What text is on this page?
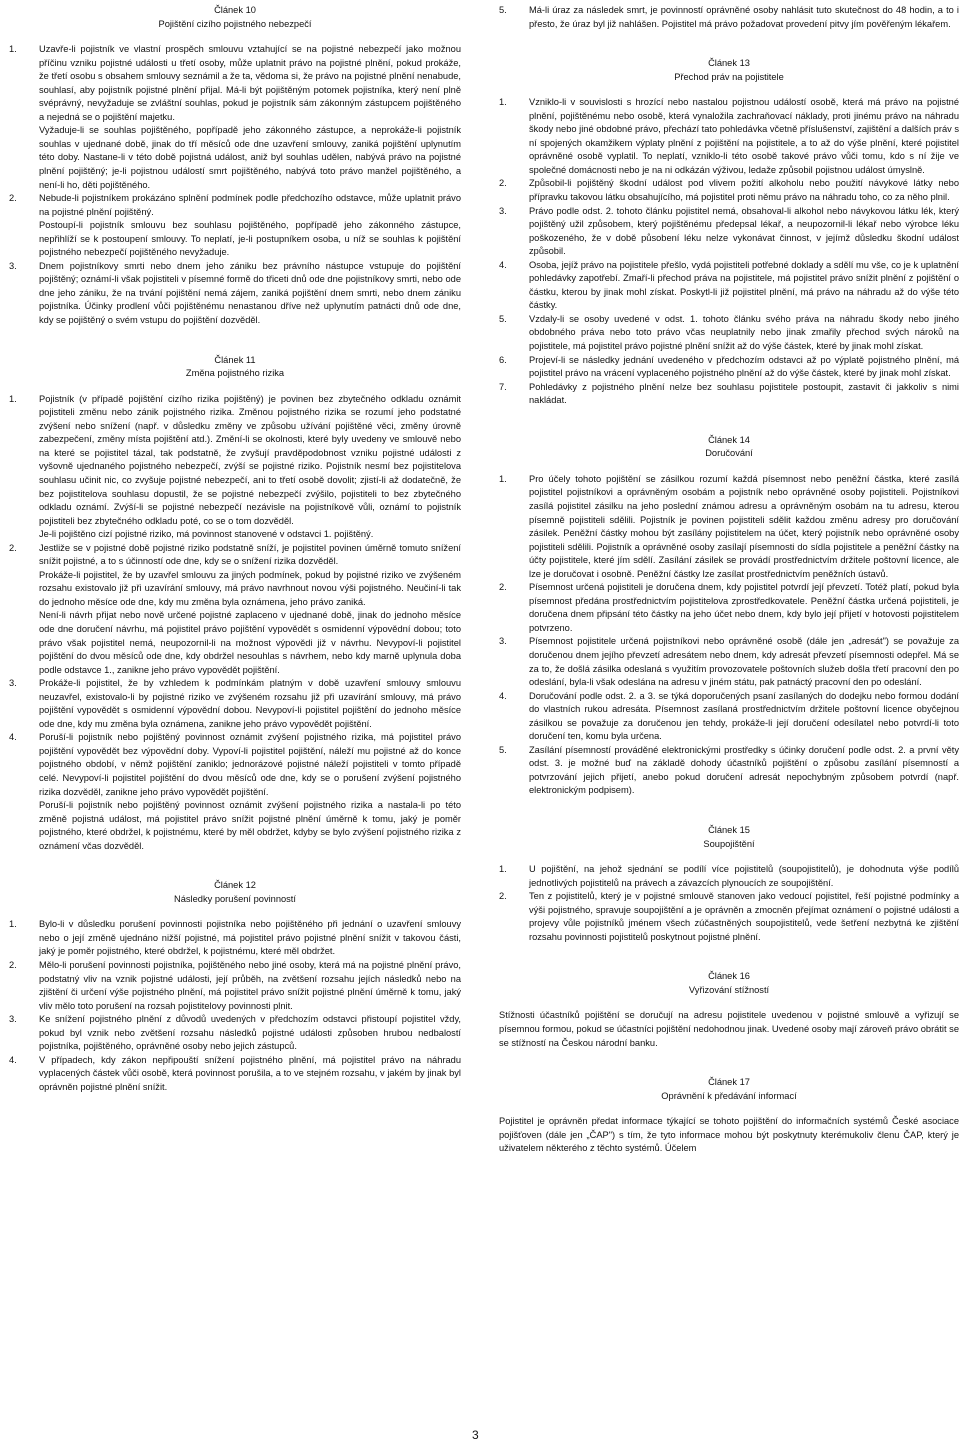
Článek 10
Pojištění cizího pojistného nebezpečí
1. Uzavře-li pojistník ve vlastní prospěch smlouvu vztahující se na pojistné nebezpečí jako možnou příčinu vzniku pojistné události u třetí osoby, může uplatnit právo na pojistné plnění, pokud prokáže, že třetí osobu s obsahem smlouvy seznámil a že ta, vědoma si, že právo na pojistné plnění nenabude, souhlasí, aby pojistník pojistné plnění přijal. Má-li být pojištěným potomek pojistníka, který není plně svéprávný, nevyžaduje se zvláštní souhlas, pokud je pojistník sám zákonným zástupcem pojištěného a nejedná se o pojištění majetku.

Vyžaduje-li se souhlas pojištěného, popřípadě jeho zákonného zástupce, a neprokáže-li pojistník souhlas v ujednané době, jinak do tří měsíců ode dne uzavření smlouvy, zaniká pojištění uplynutím této doby. Nastane-li v této době pojistná událost, aniž byl souhlas udělen, nabývá právo na pojistné plnění pojištěný; je-li pojistnou událostí smrt pojištěného, nabývá toto právo manžel pojištěného, a není-li ho, děti pojištěného.

2. Nebude-li pojistníkem prokázáno splnění podmínek podle předchozího odstavce, může uplatnit právo na pojistné plnění pojištěný.

Postoupí-li pojistník smlouvu bez souhlasu pojištěného, popřípadě jeho zákonného zástupce, nepřihlíží se k postoupení smlouvy. To neplatí, je-li postupníkem osoba, u níž se souhlas k pojištění pojistného nebezpečí pojištěného nevyžaduje.

3. Dnem pojistníkovy smrti nebo dnem jeho zániku bez právního nástupce vstupuje do pojištění pojištěný; oznámí-li však pojistiteli v písemné formě do třiceti dnů ode dne pojistníkovy smrti, nebo ode dne jeho zániku, že na trvání pojištění nemá zájem, zaniká pojištění dnem smrti, nebo dnem zániku pojistníka. Účinky prodlení vůči pojištěnému nenastanou dříve než uplynutím patnácti dnů ode dne, kdy se pojištěný o svém vstupu do pojištění dozvěděl.

Článek 11
Změna pojistného rizika
1. Pojistník (v případě pojištění cizího rizika pojištěný) je povinen bez zbytečného odkladu oznámit pojistiteli změnu nebo zánik pojistného rizika. Změnou pojistného rizika se rozumí jeho podstatné zvýšení nebo snížení (např. v důsledku změny ve způsobu užívání pojištěné věci, změny úrovně zabezpečení, změny místa pojištění atd.). Změní-li se okolnosti, které byly uvedeny ve smlouvě nebo na které se pojistitel tázal, tak podstatně, že zvyšují pravděpodobnost vzniku pojistné události z vyšovně ujednaného pojistného nebezpečí, zvýší se pojistné riziko. Pojistník nesmí bez pojistitelova souhlasu učinit nic, co zvyšuje pojistné nebezpečí, ani to třetí osobě dovolit; zjistí-li až dodatečně, že bez pojistitelova souhlasu dopustil, že se pojistné nebezpečí zvýšilo, pojistiteli to bez zbytečného odkladu oznámí. Zvýší-li se pojistné nebezpečí nezávisle na pojistníkově vůli, oznámí to pojistník pojistiteli bez zbytečného odkladu poté, co se o tom dozvěděl.

Je-li pojištěno cizí pojistné riziko, má povinnost stanovené v odstavci 1. pojištěný.

2. Jestliže se v pojistné době pojistné riziko podstatně sníží, je pojistitel povinen úměrně tomuto snížení snížit pojistné, a to s účinností ode dne, kdy se o snížení rizika dozvěděl.

Prokáže-li pojistitel, že by uzavřel smlouvu za jiných podmínek, pokud by pojistné riziko ve zvýšeném rozsahu existovalo již při uzavírání smlouvy, má právo navrhnout novou výši pojistného. Neučiní-li tak do jednoho měsíce ode dne, kdy mu změna byla oznámena, jeho právo zaniká.

Není-li návrh přijat nebo nově určené pojistné zaplaceno v ujednané době, jinak do jednoho měsíce ode dne doručení návrhu, má pojistitel právo pojištění vypovědět s osmidenní výpovědní dobou; toto právo však pojistitel nemá, neupozornil-li na možnost výpovědi již v návrhu. Nevypoví-li pojistitel pojištění do dvou měsíců ode dne, kdy obdržel nesouhlas s návrhem, nebo kdy marně uplynula doba podle odstavce 1., zanikne jeho právo vypovědět pojištění.

3. Prokáže-li pojistitel, že by vzhledem k podmínkám platným v době uzavření smlouvy smlouvu neuzavřel, existovalo-li by pojistné riziko ve zvýšeném rozsahu již při uzavírání smlouvy, má právo pojištění vypovědět s osmidenní výpovědní dobou. Nevypoví-li pojistitel pojištění do jednoho měsíce ode dne, kdy mu změna byla oznámena, zanikne jeho právo vypovědět pojištění.

4. Poruší-li pojistník nebo pojištěný povinnost oznámit zvýšení pojistného rizika, má pojistitel právo pojištění vypovědět bez výpovědní doby. Vypoví-li pojistitel pojištění, náleží mu pojistné až do konce pojistného období, v němž pojištění zaniklo; jednorázové pojistné náleží pojistiteli v tomto případě celé. Nevypoví-li pojistitel pojištění do dvou měsíců ode dne, kdy se o porušení zvýšení pojistného rizika dozvěděl, zanikne jeho právo vypovědět pojištění.

Poruší-li pojistník nebo pojištěný povinnost oznámit zvýšení pojistného rizika a nastala-li po této změně pojistná událost, má pojistitel právo snížit pojistné plnění úměrně k tomu, jaký je poměr pojistného, které obdržel, k pojistnému, které by měl obdržet, kdyby se bylo zvýšení pojistného rizika z oznámení včas dozvěděl.

Článek 12
Následky porušení povinností
1. Bylo-li v důsledku porušení povinnosti pojistníka nebo pojištěného při jednání o uzavření smlouvy nebo o její změně ujednáno nižší pojistné, má pojistitel právo pojistné plnění snížit v takovou části, jaký je poměr pojistného, které obdržel, k pojistnému, které měl obdržet.

2. Mělo-li porušení povinnosti pojistníka, pojištěného nebo jiné osoby, která má na pojistné plnění právo, podstatný vliv na vznik pojistné události, její průběh, na zvětšení rozsahu jejích následků nebo na zjištění či určení výše pojistného plnění, má pojistitel právo snížit pojistné plnění úměrně k tomu, jaký vliv mělo toto porušení na rozsah pojistitelovy povinnosti plnit.

3. Ke snížení pojistného plnění z důvodů uvedených v předchozím odstavci přistoupí pojistitel vždy, pokud byl vznik nebo zvětšení rozsahu následků pojistné události způsoben hrubou nedbalostí pojistníka, pojištěného, oprávněné osoby nebo jejich zástupců.

4. V případech, kdy zákon nepřipouští snížení pojistného plnění, má pojistitel právo na náhradu vyplacených částek vůči osobě, která povinnost porušila, a to ve stejném rozsahu, v jakém by jinak byl oprávněn pojistné plnění snížit.

5. Má-li úraz za následek smrt, je povinností oprávněné osoby nahlásit tuto skutečnost do 48 hodin, a to i přesto, že úraz byl již nahlášen. Pojistitel má právo požadovat provedení pitvy jím pověřeným lékařem.

Článek 13
Přechod práv na pojistitele
1. Vzniklo-li v souvislosti s hrozící nebo nastalou pojistnou událostí osobě, která má právo na pojistné plnění, pojištěnému nebo osobě, která vynaložila zachraňovací náklady, proti jinému právo na náhradu škody nebo jiné obdobné právo, přechází tato pohledávka včetně příslušenství, zajištění a dalších práv s ní spojených okamžikem výplaty plnění z pojištění na pojistitele, a to až do výše plnění, které pojistitel oprávněné osobě vyplatil. To neplatí, vzniklo-li této osobě takové právo vůči tomu, kdo s ní žije ve společné domácnosti nebo je na ni odkázán výživou, ledaže způsobil pojistnou událost úmyslně.

2. Způsobil-li pojištěný škodní událost pod vlivem požití alkoholu nebo použití návykové látky nebo přípravku takovou látku obsahujícího, má pojistitel proti němu právo na náhradu toho, co za něho plnil.

3. Právo podle odst. 2. tohoto článku pojistitel nemá, obsahoval-li alkohol nebo návykovou látku lék, který pojištěný užil způsobem, který pojištěnému předepsal lékař, a neupozornil-li lékař nebo výrobce léku poškozeného, že v době působení léku nelze vykonávat činnost, v jejímž důsledku škodní událost způsobil.

4. Osoba, jejíž právo na pojistitele přešlo, vydá pojistiteli potřebné doklady a sdělí mu vše, co je k uplatnění pohledávky zapotřebí. Zmaří-li přechod práva na pojistitele, má pojistitel právo snížit plnění z pojištění o částku, kterou by jinak mohl získat. Poskytl-li již pojistitel plnění, má právo na náhradu až do výše této částky.

5. Vzdaly-li se osoby uvedené v odst. 1. tohoto článku svého práva na náhradu škody nebo jiného obdobného práva nebo toto právo včas neuplatnily nebo jinak zmařily přechod svých nároků na pojistitele, má pojistitel právo pojistné plnění snížit až do výše částek, které by jinak mohl získat.

6. Projeví-li se následky jednání uvedeného v předchozím odstavci až po výplatě pojistného plnění, má pojistitel právo na vrácení vyplaceného pojistného plnění až do výše částek, které by jinak mohl získat.

7. Pohledávky z pojistného plnění nelze bez souhlasu pojistitele postoupit, zastavit či jakkoliv s nimi nakládat.

Článek 14
Doručování
1. Pro účely tohoto pojištění se zásilkou rozumí každá písemnost nebo peněžní částka, které zasílá pojistitel pojistníkovi a oprávněným osobám a pojistník nebo oprávněné osoby pojistiteli. Pojistníkovi zasílá pojistitel zásilku na jeho poslední známou adresu a oprávněným osobám na tu adresu, kterou písemně pojistiteli sdělili. Pojistník je povinen pojistiteli sdělit každou změnu adresy pro doručování zásilek. Peněžní částky mohou být zasílány pojistitelem na účet, který pojistník nebo oprávněné osoby pojistiteli sdělili. Pojistník a oprávněné osoby zasílají písemnosti do sídla pojistitele a peněžní částky na účty pojistitele, které jím sdělí. Zasílání zásilek se provádí prostřednictvím držitele poštovní licence, ale lze je doručovat i osobně. Peněžní částky lze zasílat prostřednictvím peněžních ústavů.

2. Písemnost určená pojistiteli je doručena dnem, kdy pojistitel potvrdí její převzetí. Totéž platí, pokud byla písemnost předána prostřednictvím pojistitelova zprostředkovatele. Peněžní částka určená pojistiteli, je doručena dnem připsání této částky na jeho účet nebo dnem, kdy bylo její přijetí v hotovosti pojistitelem potvrzeno.

3. Písemnost pojistitele určená pojistníkovi nebo oprávněné osobě (dále jen „adresát") se považuje za doručenou dnem jejího převzetí adresátem nebo dnem, kdy adresát převzetí písemnosti odepřel. Má se za to, že došlá zásilka odeslaná s využitím provozovatele poštovních služeb došla třetí pracovní den po odeslání, byla-li však odeslána na adresu v jiném státu, pak patnáctý pracovní den po odeslání.

4. Doručování podle odst. 2. a 3. se týká doporučených psaní zasílaných do dodejku nebo formou dodání do vlastních rukou adresáta. Písemnost zasílaná prostřednictvím držitele poštovní licence obyčejnou zásilkou se považuje za doručenou jen tehdy, prokáže-li její doručení odesílatel nebo potvrdí-li toto doručení ten, komu byla určena.

5. Zasílání písemností prováděné elektronickými prostředky s účinky doručení podle odst. 2. a první věty odst. 3. je možné buď na základě dohody účastníků pojištění o způsobu zasílání písemností a potvrzování jejich přijetí, anebo pokud doručení adresát nepochybným způsobem potvrdí (např. elektronickým podpisem).

Článek 15
Soupojištění
1. U pojištění, na jehož sjednání se podílí více pojistitelů (soupojistitelů), je dohodnuta výše podílů jednotlivých pojistitelů na právech a závazcích plynoucích ze soupojištění.

2. Ten z pojistitelů, který je v pojistné smlouvě stanoven jako vedoucí pojistitel, řeší pojistné podmínky a výši pojistného, spravuje soupojištění a je oprávněn a zmocněn přejímat oznámení o pojistné události a projevy vůle pojistníků jménem všech zúčastněných soupojistitelů, vede šetření nezbytná ke zjištění rozsahu povinnosti pojistitelů poskytnout pojistné plnění.

Článek 16
Vyřizování stížností

Stížnosti účastníků pojištění se doručují na adresu pojistitele uvedenou v pojistné smlouvě a vyřizují se písemnou formou, pokud se účastníci pojištění nedohodnou jinak. Uvedené osoby mají zároveň právo obrátit se se stížností na Českou národní banku.

Článek 17
Oprávnění k předávání informací

Pojistitel je oprávněn předat informace týkající se tohoto pojištění do informačních systémů České asociace pojišťoven (dále jen „ČAP") s tím, že tyto informace mohou být poskytnuty kterémukoliv členu ČAP, který je uživatelem některého z těchto systémů. Účelem

3
